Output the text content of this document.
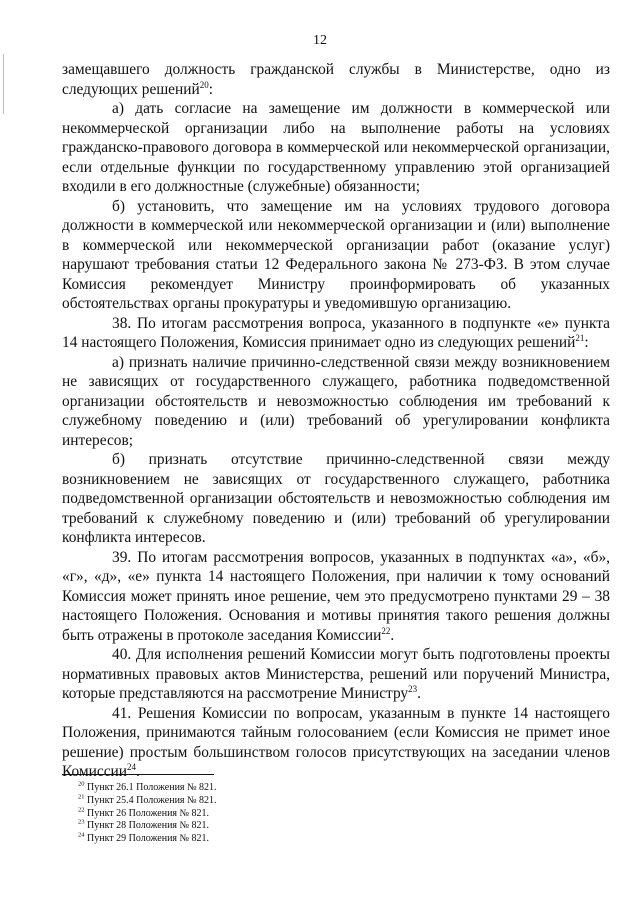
12

замещавшего должность гражданской службы в Министерстве, одно из следующих решений$^{20}$:

а) дать согласие на замещение им должности в коммерческой или некоммерческой организации либо на выполнение работы на условиях гражданско-правового договора в коммерческой или некоммерческой организации, если отдельные функции по государственному управлению этой организацией входили в его должностные (служебные) обязанности;

б) установить, что замещение им на условиях трудового договора должности в коммерческой или некоммерческой организации и (или) выполнение в коммерческой или некоммерческой организации работ (оказание услуг) нарушают требования статьи 12 Федерального закона № 273-ФЗ. В этом случае Комиссия рекомендует Министру проинформировать об указанных обстоятельствах органы прокуратуры и уведомившую организацию.

38. По итогам рассмотрения вопроса, указанного в подпункте «е» пункта 14 настоящего Положения, Комиссия принимает одно из следующих решений$^{21}$:

а) признать наличие причинно-следственной связи между возникновением не зависящих от государственного служащего, работника подведомственной организации обстоятельств и невозможностью соблюдения им требований к служебному поведению и (или) требований об урегулировании конфликта интересов;

б) признать отсутствие причинно-следственной связи между возникновением не зависящих от государственного служащего, работника подведомственной организации обстоятельств и невозможностью соблюдения им требований к служебному поведению и (или) требований об урегулировании конфликта интересов.

39. По итогам рассмотрения вопросов, указанных в подпунктах «а», «б», «г», «д», «е» пункта 14 настоящего Положения, при наличии к тому оснований Комиссия может принять иное решение, чем это предусмотрено пунктами 29 – 38 настоящего Положения. Основания и мотивы принятия такого решения должны быть отражены в протоколе заседания Комиссии$^{22}$.

40. Для исполнения решений Комиссии могут быть подготовлены проекты нормативных правовых актов Министерства, решений или поручений Министра, которые представляются на рассмотрение Министру$^{23}$.

41. Решения Комиссии по вопросам, указанным в пункте 14 настоящего Положения, принимаются тайным голосованием (если Комиссия не примет иное решение) простым большинством голосов присутствующих на заседании членов Комиссии$^{24}$.

$^{20}$ Пункт 26.1 Положения № 821.
$^{21}$ Пункт 25.4 Положения № 821.
$^{22}$ Пункт 26 Положения № 821.
$^{23}$ Пункт 28 Положения № 821.
$^{24}$ Пункт 29 Положения № 821.
